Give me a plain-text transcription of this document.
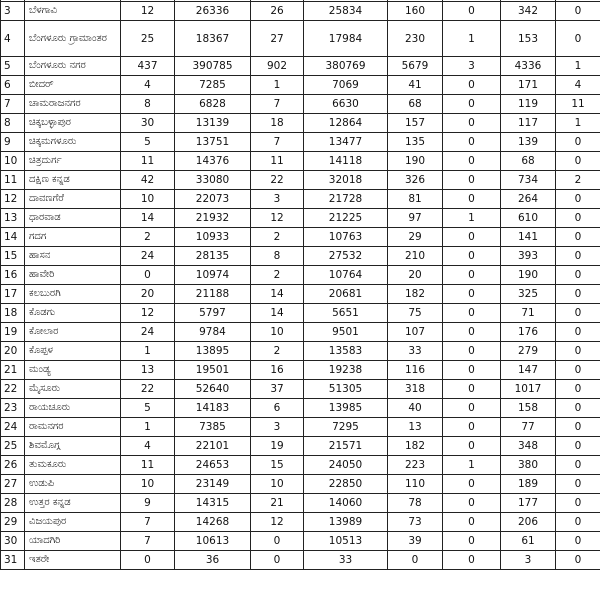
3	ಬೆಳಗಾವಿ	12	26336	26	25834	160	0	342	0
4	ಬೆಂಗಳೂರು ಗ್ರಾಮಾಂತರ	25	18367	27	17984	230	1	153	0
5	ಬೆಂಗಳೂರು ನಗರ	437	390785	902	380769	5679	3	4336	1
6	ಬೀದರ್	4	7285	1	7069	41	0	171	4
7	ಚಾಮರಾಜನಗರ	8	6828	7	6630	68	0	119	11
8	ಚಿಕ್ಕಬಳ್ಳಾಪುರ	30	13139	18	12864	157	0	117	1
9	ಚಿಕ್ಕಮಗಳೂರು	5	13751	7	13477	135	0	139	0
10	ಚಿತ್ರದುರ್ಗ	11	14376	11	14118	190	0	68	0
11	ದಕ್ಷಿಣ ಕನ್ನಡ	42	33080	22	32018	326	0	734	2
12	ದಾವಣಗೆರೆ	10	22073	3	21728	81	0	264	0
13	ಧಾರವಾಡ	14	21932	12	21225	97	1	610	0
14	ಗದಗ	2	10933	2	10763	29	0	141	0
15	ಹಾಸನ	24	28135	8	27532	210	0	393	0
16	ಹಾವೇರಿ	0	10974	2	10764	20	0	190	0
17	ಕಲಬುರಗಿ	20	21188	14	20681	182	0	325	0
18	ಕೊಡಗು	12	5797	14	5651	75	0	71	0
19	ಕೋಲಾರ	24	9784	10	9501	107	0	176	0
20	ಕೊಪ್ಪಳ	1	13895	2	13583	33	0	279	0
21	ಮಂಡ್ಯ	13	19501	16	19238	116	0	147	0
22	ಮೈಸೂರು	22	52640	37	51305	318	0	1017	0
23	ರಾಯಚೂರು	5	14183	6	13985	40	0	158	0
24	ರಾಮನಗರ	1	7385	3	7295	13	0	77	0
25	ಶಿವಮೊಗ್ಗ	4	22101	19	21571	182	0	348	0
26	ತುಮಕೂರು	11	24653	15	24050	223	1	380	0
27	ಉಡುಪಿ	10	23149	10	22850	110	0	189	0
28	ಉತ್ತರ ಕನ್ನಡ	9	14315	21	14060	78	0	177	0
29	ವಿಜಯಪುರ	7	14268	12	13989	73	0	206	0
30	ಯಾದಗಿರಿ	7	10613	0	10513	39	0	61	0
31	ಇತರೇ	0	36	0	33	0	0	3	0
